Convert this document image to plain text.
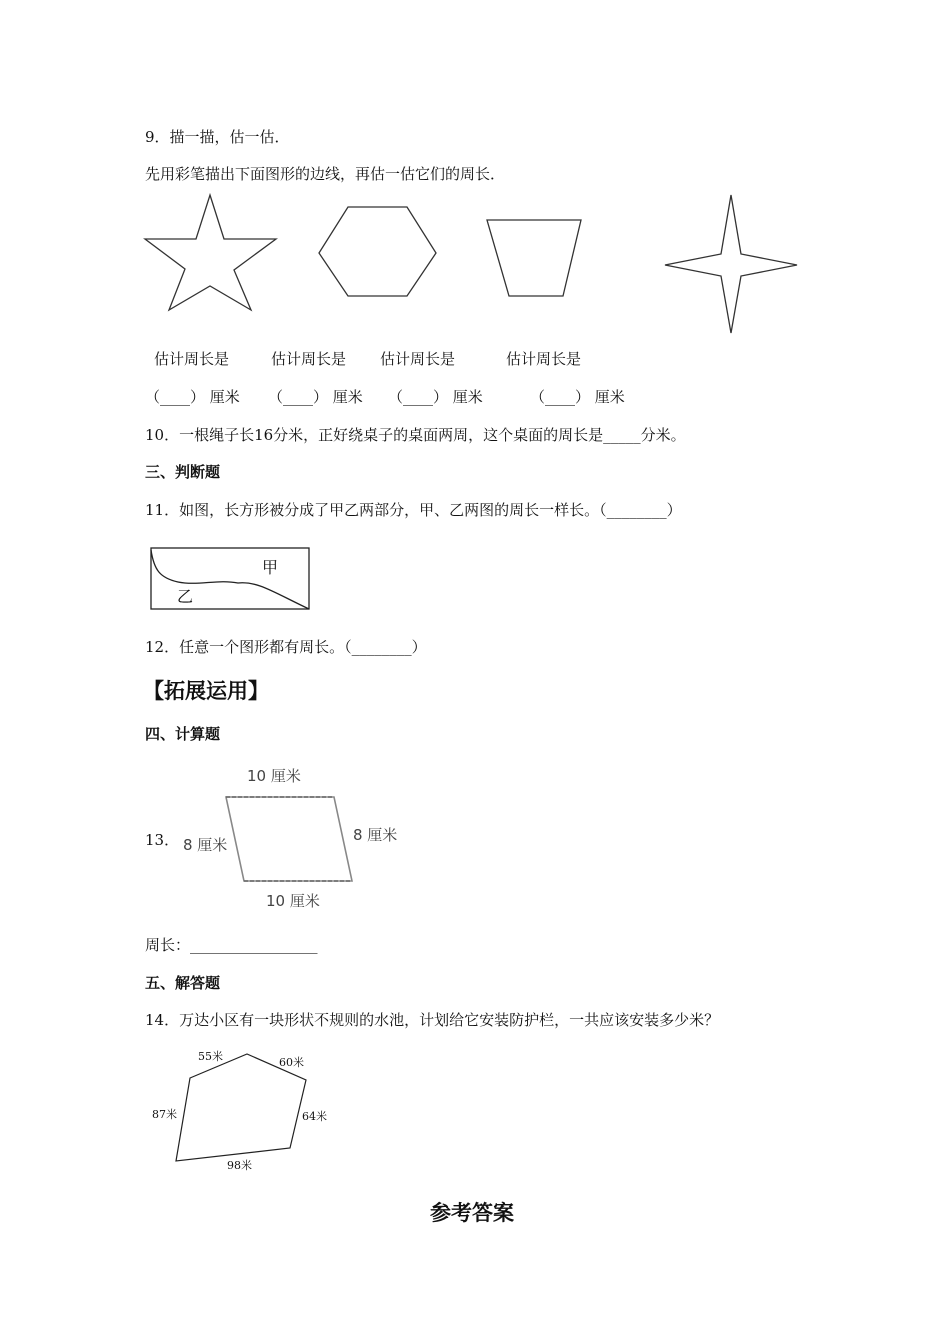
9．描一描，估一估．
先用彩笔描出下面图形的边线，再估一估它们的周长．
估计周长是	估计周长是 估计周长是	估计周长是
（____） 厘米 （____） 厘米 （____） 厘米	（____） 厘米
10．一根绳子长16分米，正好绕桌子的桌面两周，这个桌面的周长是_____分米。
三、判断题
11．如图，长方形被分成了甲乙两部分，甲、乙两图的周长一样长。（________）
甲
乙
12．任意一个图形都有周长。（________）
【拓展运用】
四、计算题
13．
10 厘米
10 厘米
8 厘米
8 厘米
周长：_________________
五、解答题
14．万达小区有一块形状不规则的水池，计划给它安装防护栏，一共应该安装多少米？
55米	60米
64米
98米
87米
参考答案
